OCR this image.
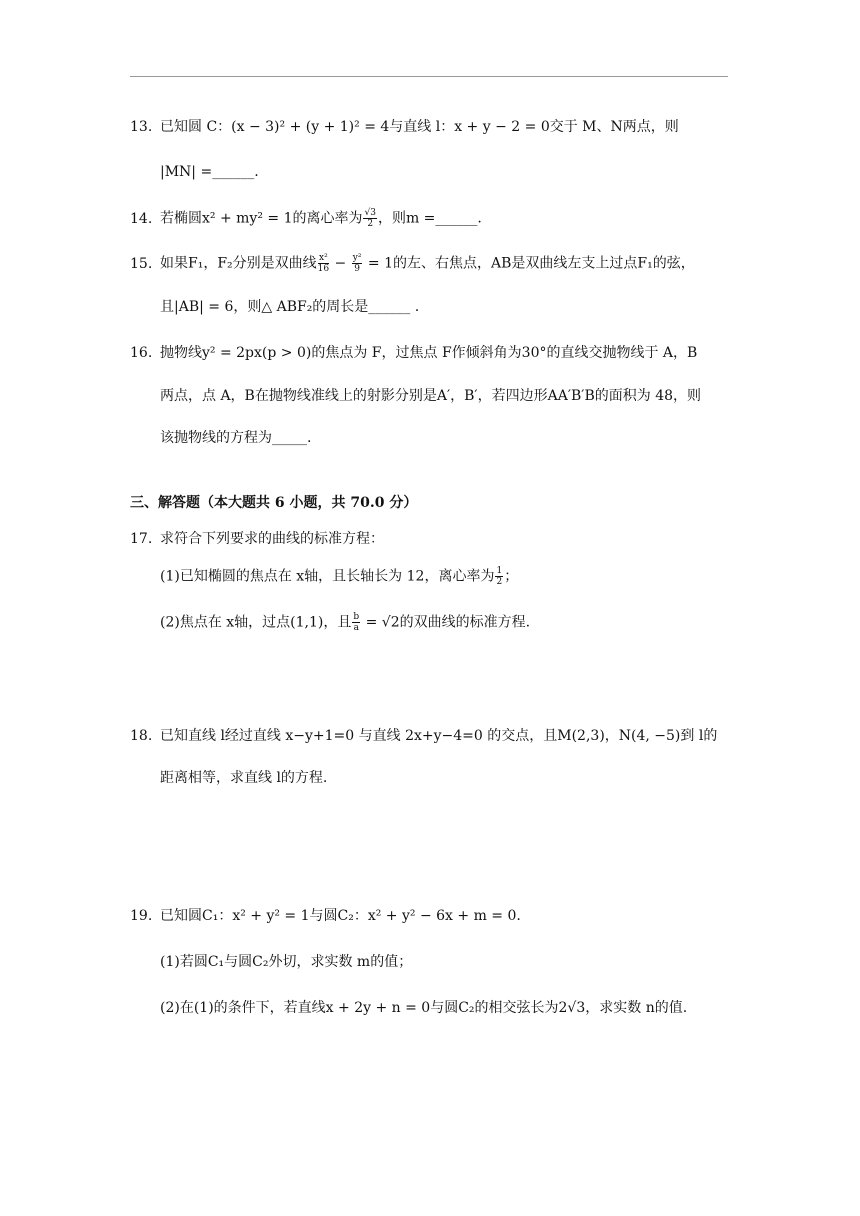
13. 已知圆 C：(x − 3)² + (y + 1)² = 4与直线 l：x + y − 2 = 0交于 M、N两点，则
|MN| =______.
14. 若椭圆x² + my² = 1的离心率为 $\frac{√3}{2}$ ，则m =______.
15. 如果F₁，F₂分别是双曲线 $\frac{\text{x²}}{16} - \frac{\text{y²}}{9} = 1$的左、右焦点，AB是双曲线左支上过点F₁的弦，
且|AB| = 6，则△ ABF₂的周长是______ .
16. 抛物线y² = 2px(p > 0)的焦点为 F，过焦点 F作倾斜角为30°的直线交抛物线于 A，B
两点，点 A，B在抛物线准线上的射影分别是A′，B′，若四边形AA′B′B的面积为 48，则
该抛物线的方程为_____.
三、解答题（本大题共 6 小题，共 70.0 分）
17. 求符合下列要求的曲线的标准方程：
(1)已知椭圆的焦点在 x轴，且长轴长为 12，离心率为 $\frac{1}{2}$ ；
(2)焦点在 x轴，过点(1,1)，且 $\frac{b}{a} = √2$的双曲线的标准方程.
18. 已知直线 l经过直线 x−y+1=0 与直线 2x+y−4=0 的交点，且M(2,3)，N(4, −5)到 l的
距离相等，求直线 l的方程.
19. 已知圆C₁：x² + y² = 1与圆C₂：x² + y² − 6x + m = 0.
(1)若圆C₁与圆C₂外切，求实数 m的值；
(2)在(1)的条件下，若直线x + 2y + n = 0与圆C₂的相交弦长为2√3，求实数 n的值.
